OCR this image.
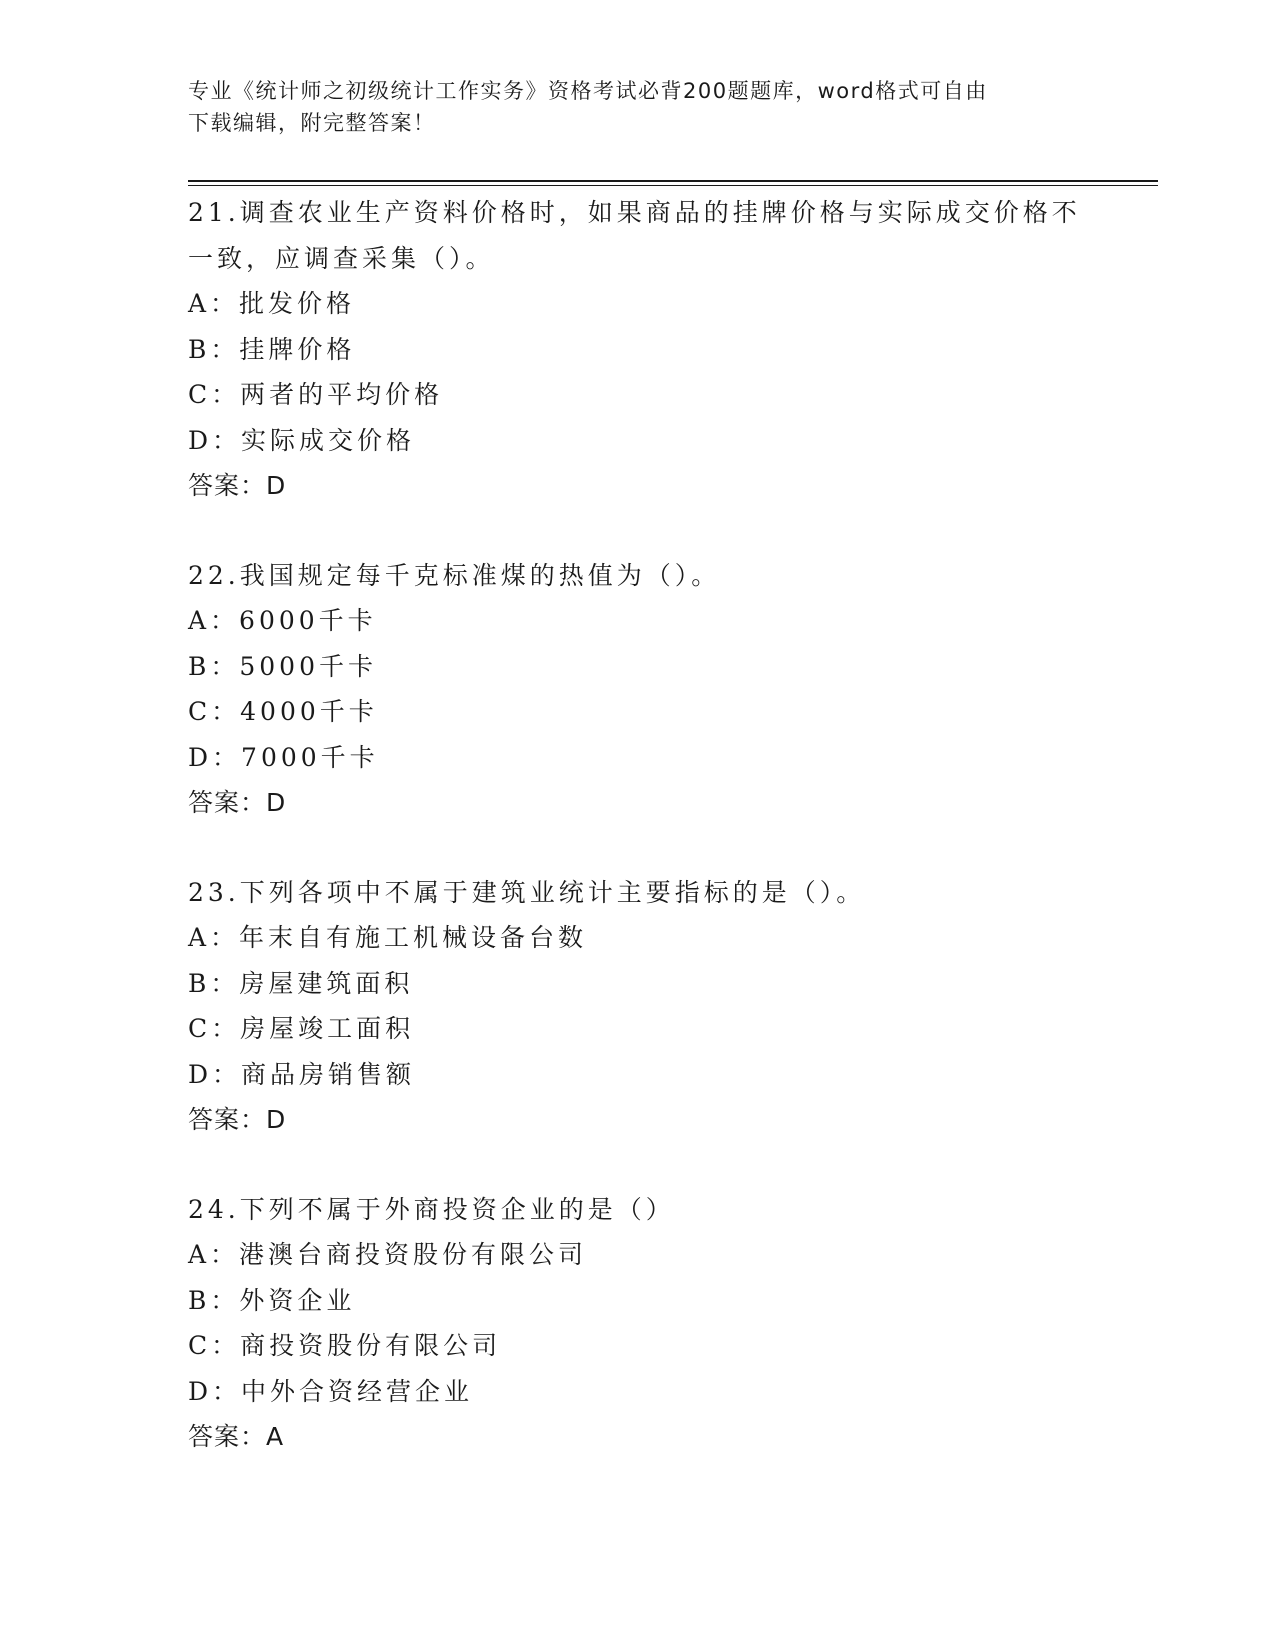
专业《统计师之初级统计工作实务》资格考试必背200题题库，word格式可自由
下载编辑，附完整答案！
21.调查农业生产资料价格时，如果商品的挂牌价格与实际成交价格不
一致，应调查采集（）。
A：批发价格
B：挂牌价格
C：两者的平均价格
D：实际成交价格
答案：D
22.我国规定每千克标准煤的热值为（）。
A：6000千卡
B：5000千卡
C：4000千卡
D：7000千卡
答案：D
23.下列各项中不属于建筑业统计主要指标的是（）。
A：年末自有施工机械设备台数
B：房屋建筑面积
C：房屋竣工面积
D：商品房销售额
答案：D
24.下列不属于外商投资企业的是（）
A：港澳台商投资股份有限公司
B：外资企业
C：商投资股份有限公司
D：中外合资经营企业
答案：A
